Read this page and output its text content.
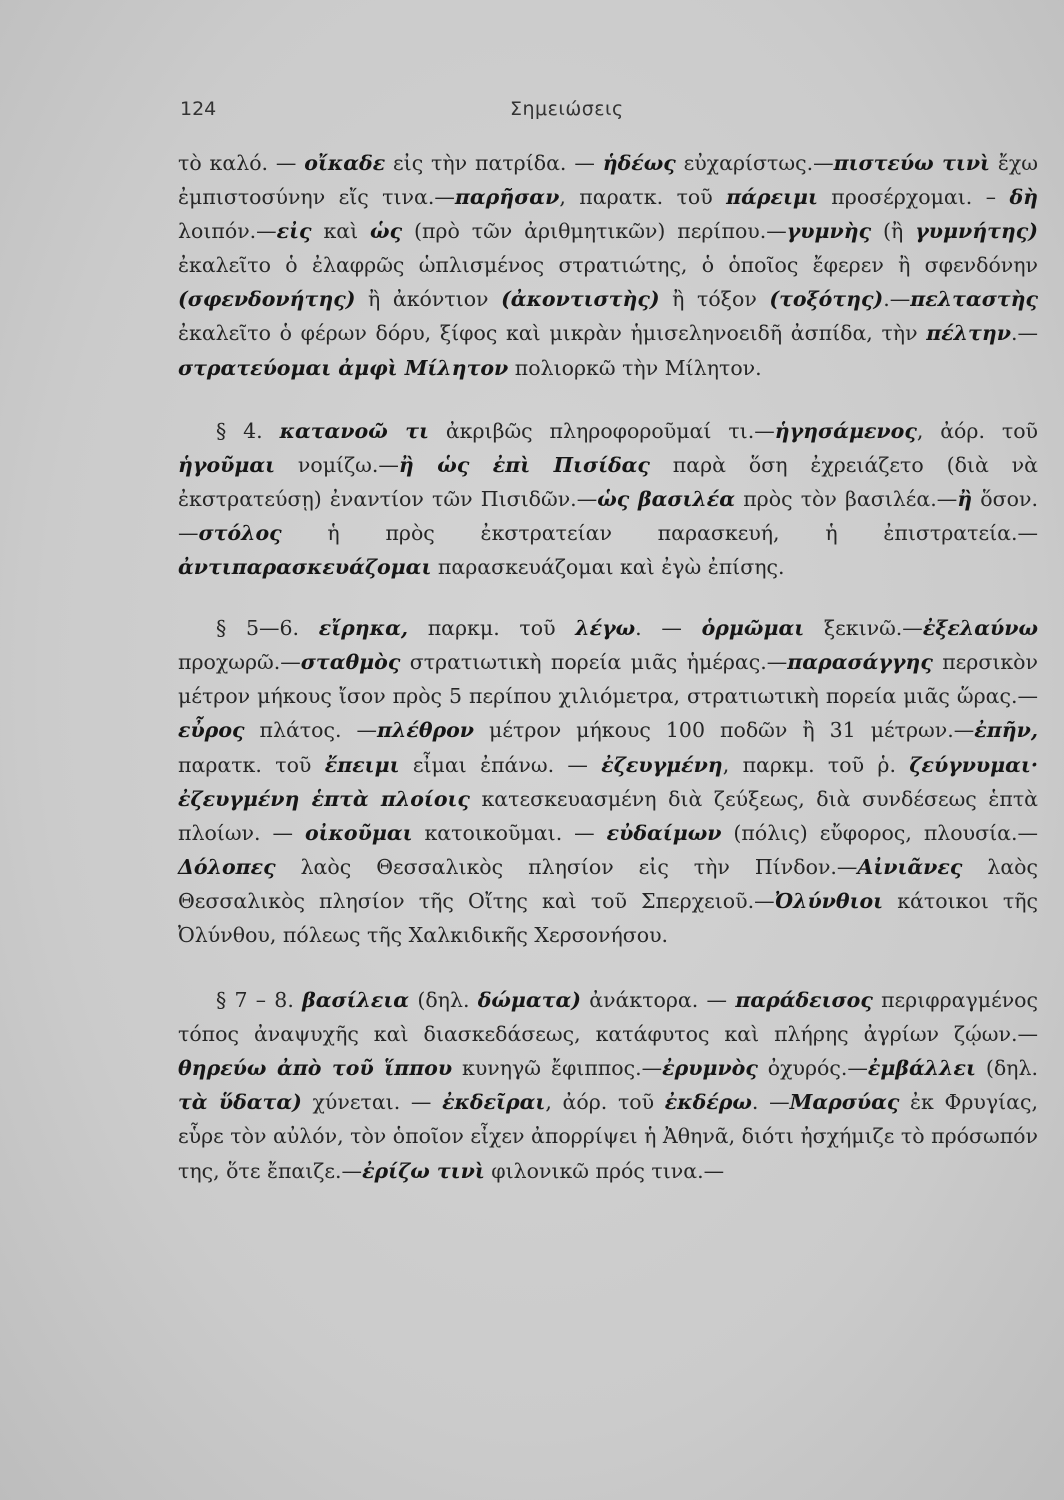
124	Σημειώσεις

τὸ καλό. — οἴκαδε εἰς τὴν πατρίδα. — ἡδέως εὐχαρίστως.—πιστεύω τινὶ ἔχω ἐμπιστοσύνην εἴς τινα.—παρῆσαν, παρατκ. τοῦ πάρειμι προσέρχομαι. – δὴ λοιπόν.—εἰς καὶ ὡς (πρὸ τῶν ἀριθμητικῶν) περίπου.—γυμνὴς (ἢ γυμνήτης) ἐκαλεῖτο ὁ ἐλαφρῶς ὡπλισμένος στρατιώτης, ὁ ὁποῖος ἔφερεν ἢ σφενδόνην (σφενδονήτης) ἢ ἀκόντιον (ἀκοντιστὴς) ἢ τόξον (τοξότης).—πελταστὴς ἐκαλεῖτο ὁ φέρων δόρυ, ξίφος καὶ μικρὰν ἡμισεληνοειδῆ ἀσπίδα, τὴν πέλτην.—στρατεύομαι ἀμφὶ Μίλητον πολιορκῶ τὴν Μίλητον.

§ 4. κατανοῶ τι ἀκριβῶς πληροφοροῦμαί τι.—ἡγησάμενος, ἀόρ. τοῦ ἡγοῦμαι νομίζω.—ἢ ὡς ἐπὶ Πισίδας παρὰ ὅση ἐχρειάζετο (διὰ νὰ ἐκστρατεύσῃ) ἐναντίον τῶν Πισιδῶν.—ὡς βασιλέα πρὸς τὸν βασιλέα.—ἢ ὅσον.—στόλος ἡ πρὸς ἐκστρατείαν παρασκευή, ἡ ἐπιστρατεία.—ἀντιπαρασκευάζομαι παρασκευάζομαι καὶ ἐγὼ ἐπίσης.

§ 5—6. εἴρηκα, παρκμ. τοῦ λέγω. — ὁρμῶμαι ξεκινῶ.—ἐξελαύνω προχωρῶ.—σταθμὸς στρατιωτικὴ πορεία μιᾶς ἡμέρας.—παρασάγγης περσικὸν μέτρον μήκους ἴσον πρὸς 5 περίπου χιλιόμετρα, στρατιωτικὴ πορεία μιᾶς ὥρας.—εὖρος πλάτος. —πλέθρον μέτρον μήκους 100 ποδῶν ἢ 31 μέτρων.—ἐπῆν, παρατκ. τοῦ ἔπειμι εἶμαι ἐπάνω. — ἐζευγμένη, παρκμ. τοῦ ῥ. ζεύγνυμαι· ἐζευγμένη ἑπτὰ πλοίοις κατεσκευασμένη διὰ ζεύξεως, διὰ συνδέσεως ἑπτὰ πλοίων. — οἰκοῦμαι κατοικοῦμαι. — εὐδαίμων (πόλις) εὔφορος, πλουσία.—Δόλοπες λαὸς Θεσσαλικὸς πλησίον εἰς τὴν Πίνδον.—Αἰνιᾶνες λαὸς Θεσσαλικὸς πλησίον τῆς Οἴτης καὶ τοῦ Σπερχειοῦ.—Ὀλύνθιοι κάτοικοι τῆς Ὀλύνθου, πόλεως τῆς Χαλκιδικῆς Χερσονήσου.

§ 7 – 8. βασίλεια (δηλ. δώματα) ἀνάκτορα. — παράδεισος περιφραγμένος τόπος ἀναψυχῆς καὶ διασκεδάσεως, κατάφυτος καὶ πλήρης ἀγρίων ζῴων.—θηρεύω ἀπὸ τοῦ ἵππου κυνηγῶ ἔφιππος.—ἐρυμνὸς ὀχυρός.—ἐμβάλλει (δηλ. τὰ ὕδατα) χύνεται. — ἐκδεῖραι, ἀόρ. τοῦ ἐκδέρω. —Μαρσύας ἐκ Φρυγίας, εὗρε τὸν αὐλόν, τὸν ὁποῖον εἶχεν ἀπορρίψει ἡ Ἀθηνᾶ, διότι ἠσχήμιζε τὸ πρόσωπόν της, ὅτε ἔπαιζε.—ἐρίζω τινὶ φιλονικῶ πρός τινα.—
